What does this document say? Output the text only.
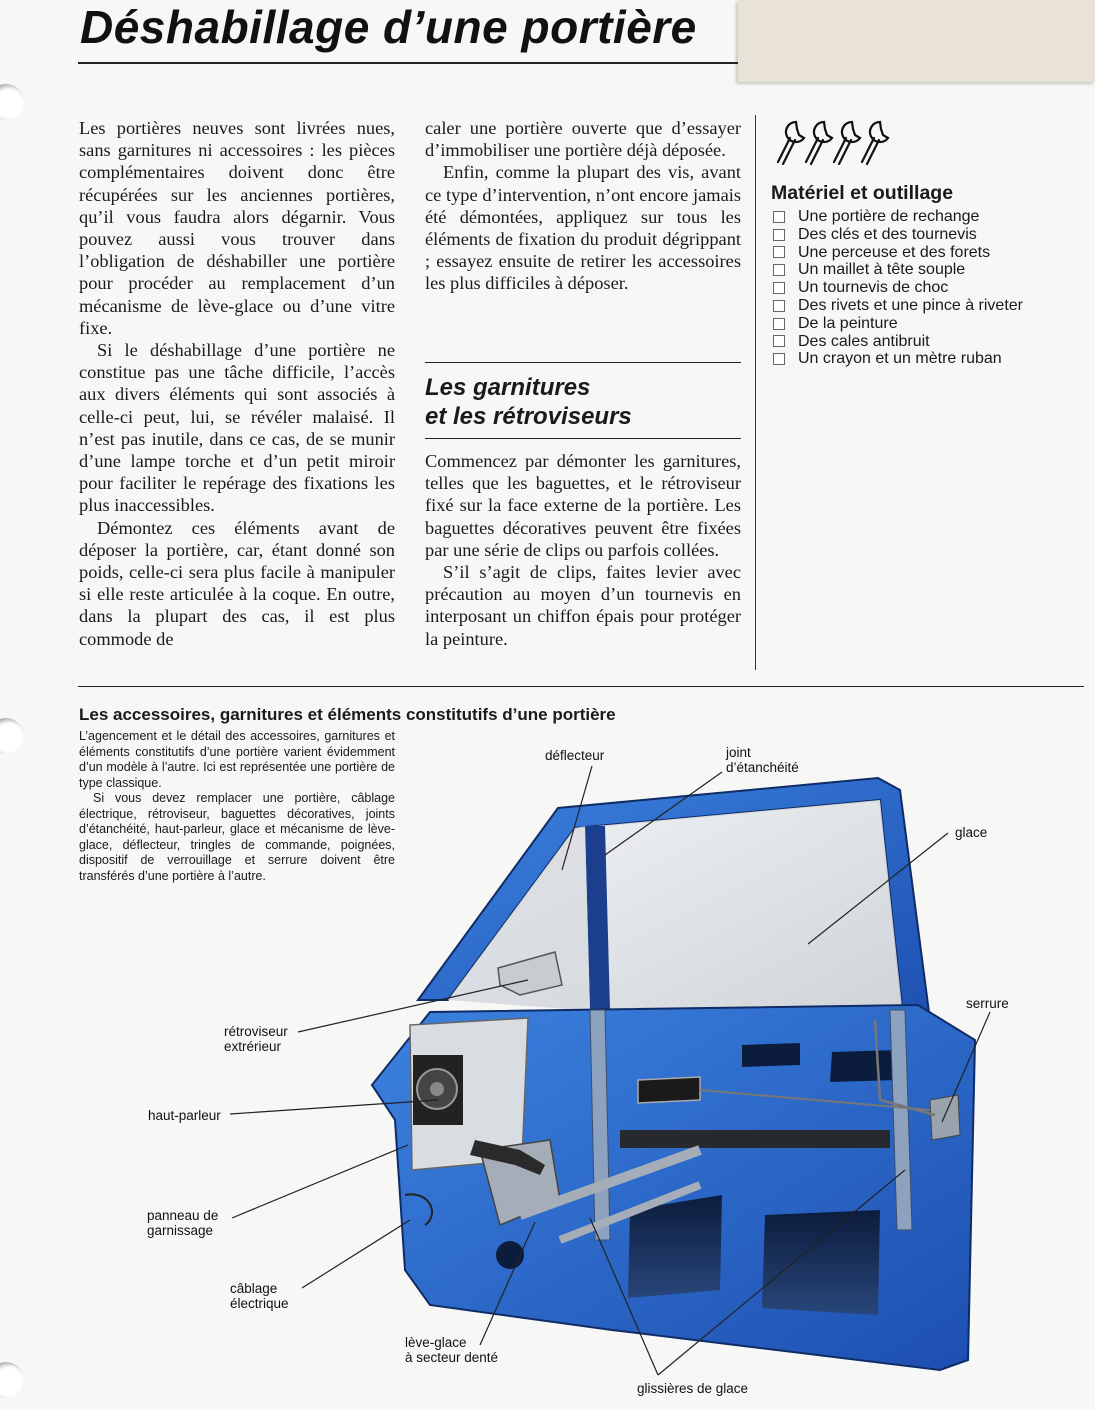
Déshabillage d’une portière

Les portières neuves sont livrées nues, sans garnitures ni accessoires : les pièces complémentaires doivent donc être récupérées sur les anciennes portières, qu’il vous faudra alors dégarnir. Vous pouvez aussi vous trouver dans l’obligation de déshabiller une portière pour procéder au remplacement d’un mécanisme de lève-glace ou d’une vitre fixe.

Si le déshabillage d’une portière ne constitue pas une tâche difficile, l’accès aux divers éléments qui sont associés à celle-ci peut, lui, se révéler malaisé. Il n’est pas inutile, dans ce cas, de se munir d’une lampe torche et d’un petit miroir pour faciliter le repérage des fixations les plus inaccessibles.

Démontez ces éléments avant de déposer la portière, car, étant donné son poids, celle-ci sera plus facile à manipuler si elle reste articulée à la coque. En outre, dans la plupart des cas, il est plus commode de

caler une portière ouverte que d’essayer d’immobiliser une portière déjà déposée.

Enfin, comme la plupart des vis, avant ce type d’intervention, n’ont encore jamais été démontées, appliquez sur tous les éléments de fixation du produit dégrippant ; essayez ensuite de retirer les accessoires les plus difficiles à déposer.

Les garnitures
et les rétroviseurs

Commencez par démonter les garnitures, telles que les baguettes, et le rétroviseur fixé sur la face externe de la portière. Les baguettes décoratives peuvent être fixées par une série de clips ou parfois collées.

S’il s’agit de clips, faites levier avec précaution au moyen d’un tournevis en interposant un chiffon épais pour protéger la peinture.

Matériel et outillage
Une portière de rechange
Des clés et des tournevis
Une perceuse et des forets
Un maillet à tête souple
Un tournevis de choc
Des rivets et une pince à riveter
De la peinture
Des cales antibruit
Un crayon et un mètre ruban
Les accessoires, garnitures et éléments constitutifs d’une portière

L’agencement et le détail des accessoires, garnitures et éléments constitutifs d’une portière varient évidemment d’un modèle à l’autre. Ici est représentée une portière de type classique.

Si vous devez remplacer une portière, câblage électrique, rétroviseur, baguettes décoratives, joints d’étanchéité, haut-parleur, glace et mécanisme de lève-glace, déflecteur, tringles de commande, poignées, dispositif de verrouillage et serrure doivent être transférés d’une portière à l’autre.

déflecteur	joint
d’étanchéité
glace
serrure
rétroviseur
extrérieur
haut-parleur
panneau de
garnissage
câblage
électrique
lève-glace
à secteur denté
glissières de glace
